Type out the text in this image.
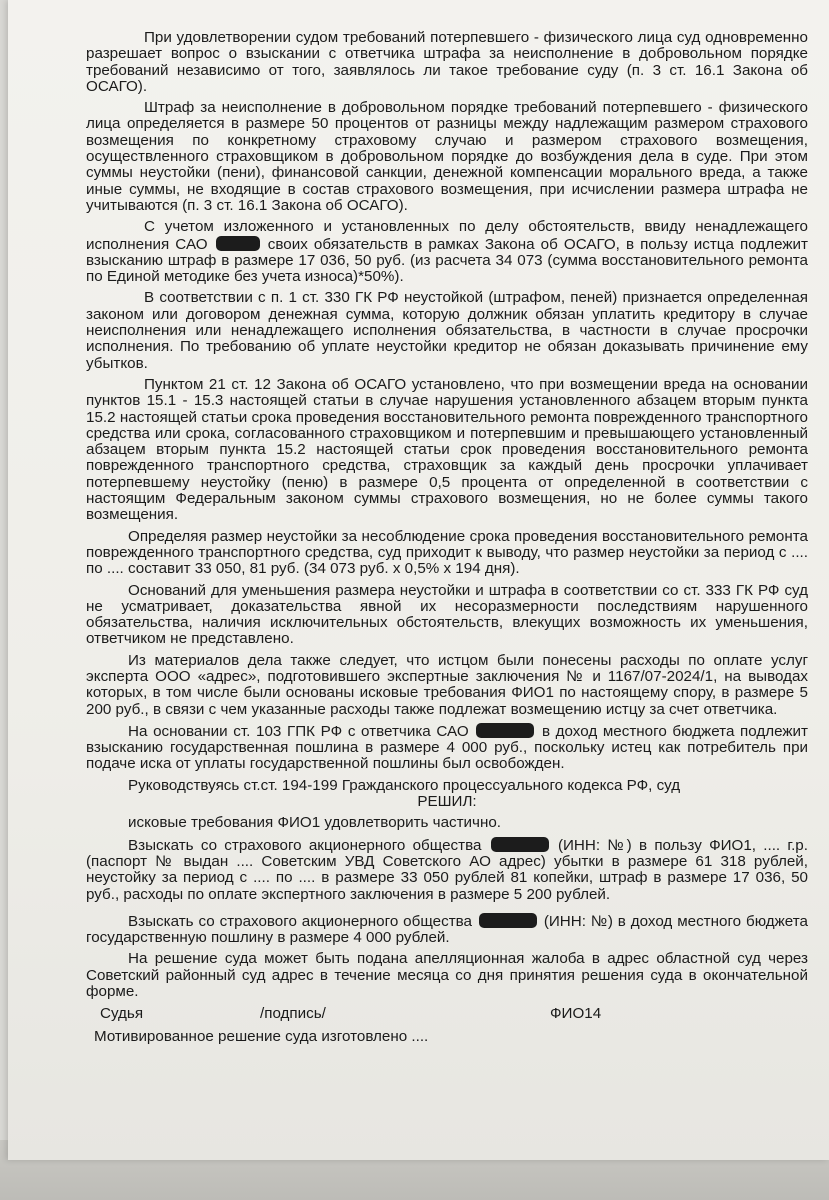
При удовлетворении судом требований потерпевшего - физического лица суд одновременно разрешает вопрос о взыскании с ответчика штрафа за неисполнение в добровольном порядке требований независимо от того, заявлялось ли такое требование суду (п. 3 ст. 16.1 Закона об ОСАГО).

Штраф за неисполнение в добровольном порядке требований потерпевшего - физического лица определяется в размере 50 процентов от разницы между надлежащим размером страхового возмещения по конкретному страховому случаю и размером страхового возмещения, осуществленного страховщиком в добровольном порядке до возбуждения дела в суде. При этом суммы неустойки (пени), финансовой санкции, денежной компенсации морального вреда, а также иные суммы, не входящие в состав страхового возмещения, при исчислении размера штрафа не учитываются (п. 3 ст. 16.1 Закона об ОСАГО).

С учетом изложенного и установленных по делу обстоятельств, ввиду ненадлежащего исполнения САО	своих обязательств в рамках Закона об ОСАГО, в пользу истца подлежит взысканию штраф в размере 17 036, 50 руб. (из расчета 34 073 (сумма восстановительного ремонта по Единой методике без учета износа)*50%).

В соответствии с п. 1 ст. 330 ГК РФ неустойкой (штрафом, пеней) признается определенная законом или договором денежная сумма, которую должник обязан уплатить кредитору в случае неисполнения или ненадлежащего исполнения обязательства, в частности в случае просрочки исполнения. По требованию об уплате неустойки кредитор не обязан доказывать причинение ему убытков.

Пунктом 21 ст. 12 Закона об ОСАГО установлено, что при возмещении вреда на основании пунктов 15.1 - 15.3 настоящей статьи в случае нарушения установленного абзацем вторым пункта 15.2 настоящей статьи срока проведения восстановительного ремонта поврежденного транспортного средства или срока, согласованного страховщиком и потерпевшим и превышающего установленный абзацем вторым пункта 15.2 настоящей статьи срок проведения восстановительного ремонта поврежденного транспортного средства, страховщик за каждый день просрочки уплачивает потерпевшему неустойку (пеню) в размере 0,5 процента от определенной в соответствии с настоящим Федеральным законом суммы страхового возмещения, но не более суммы такого возмещения.

Определяя размер неустойки за несоблюдение срока проведения восстановительного ремонта поврежденного транспортного средства, суд приходит к выводу, что размер неустойки за период с .... по .... составит 33 050, 81 руб. (34 073 руб. х 0,5% х 194 дня).

Оснований для уменьшения размера неустойки и штрафа в соответствии со ст. 333 ГК РФ суд не усматривает, доказательства явной их несоразмерности последствиям нарушенного обязательства, наличия исключительных обстоятельств, влекущих возможность их уменьшения, ответчиком не представлено.

Из материалов дела также следует, что истцом были понесены расходы по оплате услуг эксперта ООО «адрес», подготовившего экспертные заключения № и 1167/07-2024/1, на выводах которых, в том числе были основаны исковые требования ФИО1 по настоящему спору, в размере 5 200 руб., в связи с чем указанные расходы также подлежат возмещению истцу за счет ответчика.

На основании ст. 103 ГПК РФ с ответчика САО	в доход местного бюджета подлежит взысканию государственная пошлина в размере 4 000 руб., поскольку истец как потребитель при подаче иска от уплаты государственной пошлины был освобожден.

Руководствуясь ст.ст. 194-199 Гражданского процессуального кодекса РФ, суд

РЕШИЛ:

исковые требования ФИО1 удовлетворить частично.

Взыскать со страхового акционерного общества	(ИНН: №) в пользу ФИО1, .... г.р. (паспорт № выдан .... Советским УВД Советского АО адрес) убытки в размере 61 318 рублей, неустойку за период с .... по .... в размере 33 050 рублей 81 копейки, штраф в размере 17 036, 50 руб., расходы по оплате экспертного заключения в размере 5 200 рублей.

Взыскать со страхового акционерного общества	(ИНН: №) в доход местного бюджета государственную пошлину в размере 4 000 рублей.

На решение суда может быть подана апелляционная жалоба в адрес областной суд через Советский районный суд адрес в течение месяца со дня принятия решения суда в окончательной форме.

Судья	/подпись/	ФИО14

Мотивированное решение суда изготовлено ....
